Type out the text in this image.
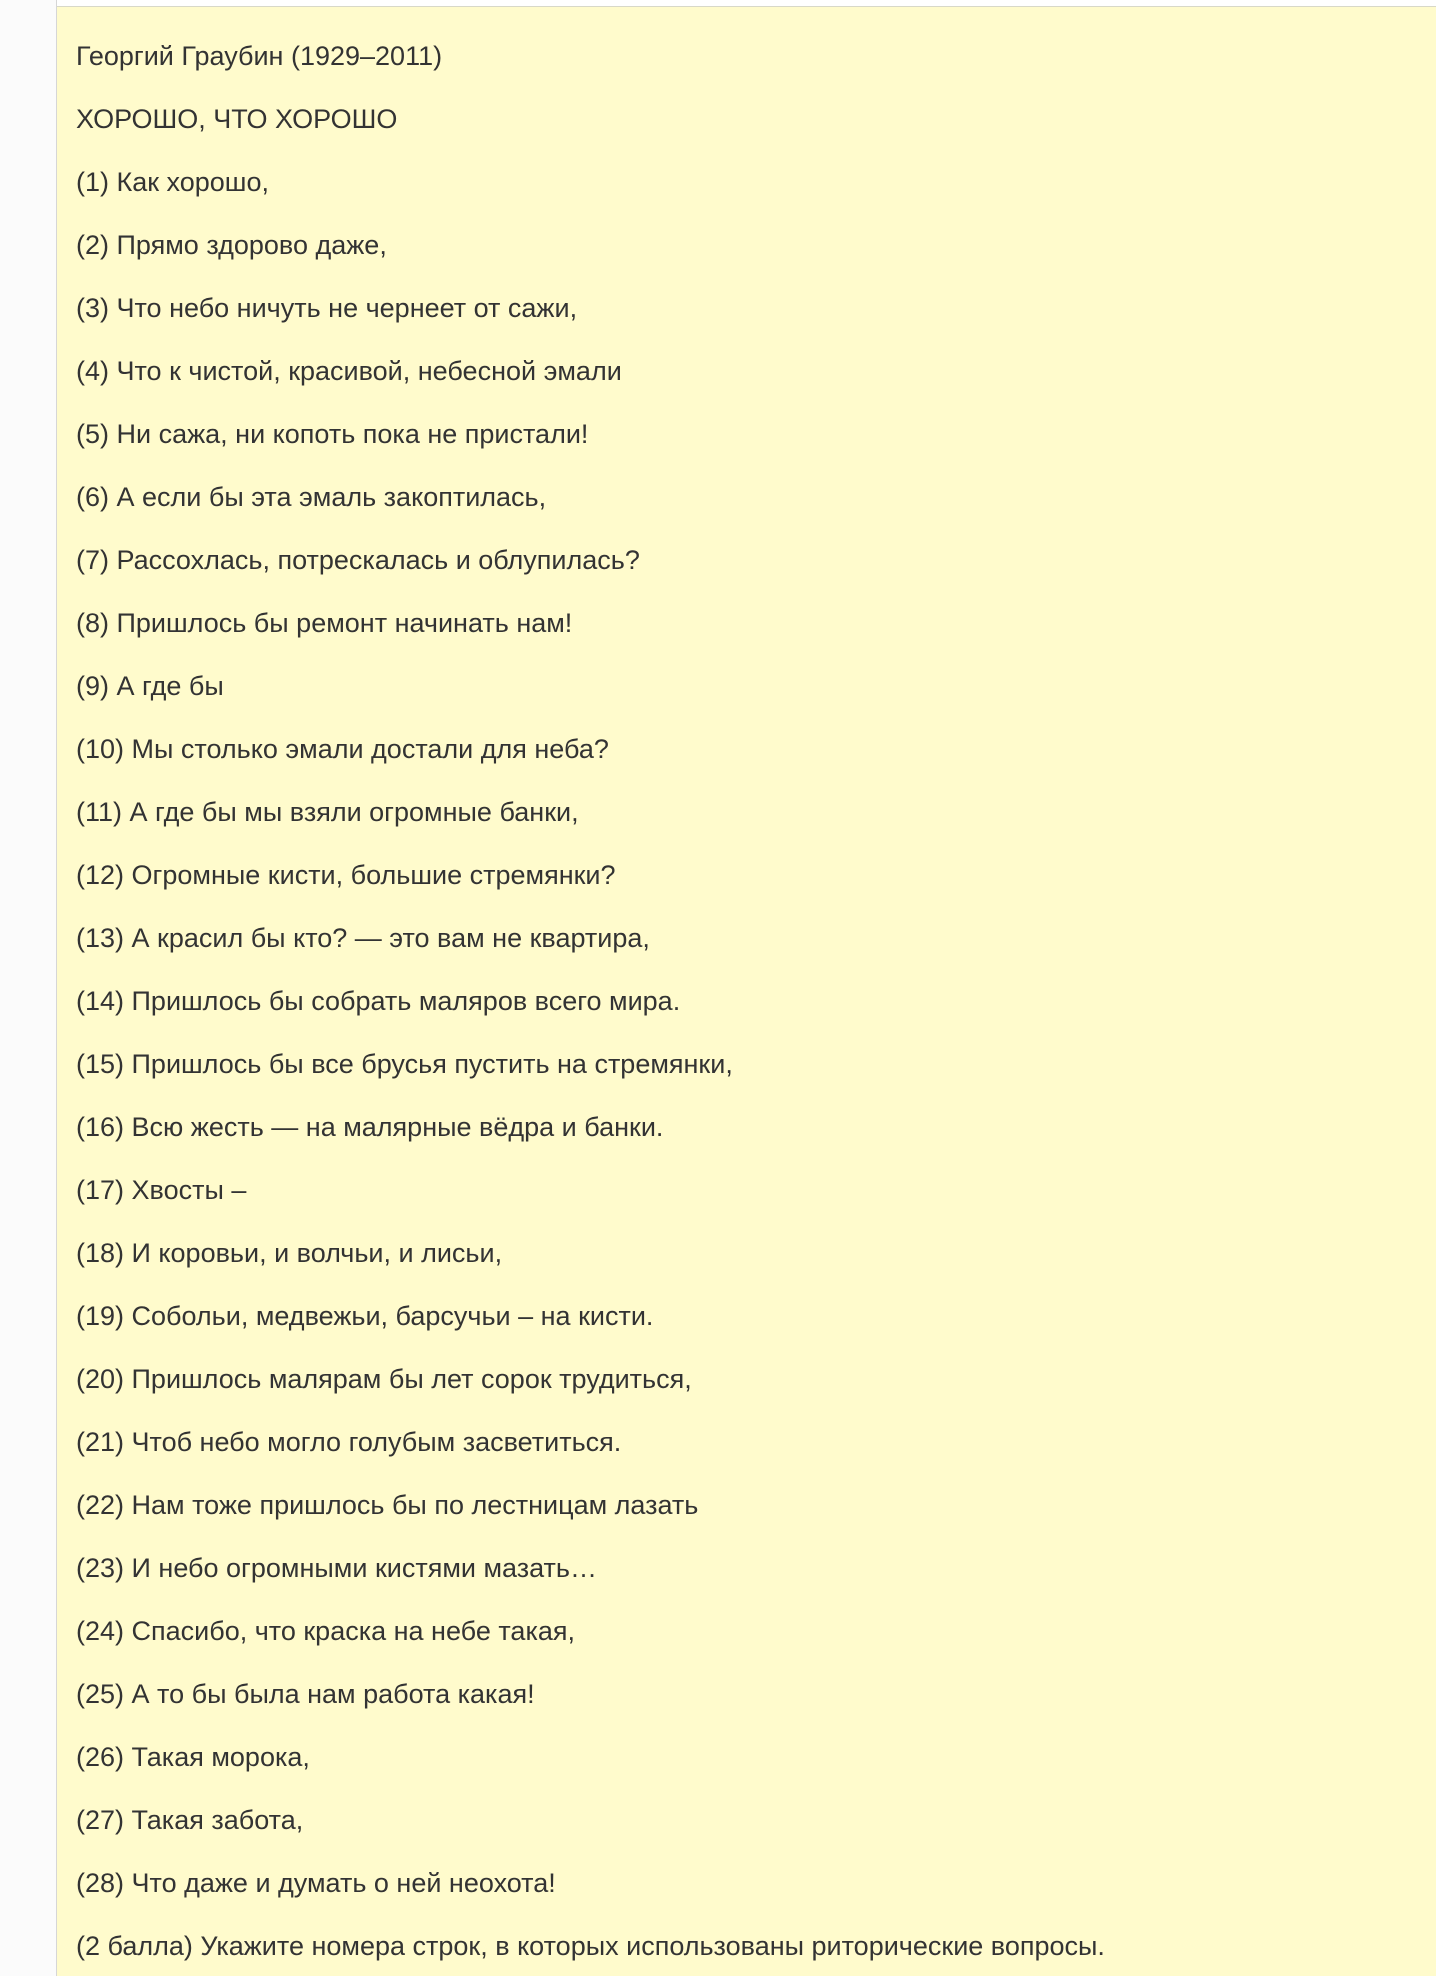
Георгий Граубин (1929–2011)
ХОРОШО, ЧТО ХОРОШО
(1) Как хорошо,
(2) Прямо здорово даже,
(3) Что небо ничуть не чернеет от сажи,
(4) Что к чистой, красивой, небесной эмали
(5) Ни сажа, ни копоть пока не пристали!
(6) А если бы эта эмаль закоптилась,
(7) Рассохлась, потрескалась и облупилась?
(8) Пришлось бы ремонт начинать нам!
(9) А где бы
(10) Мы столько эмали достали для неба?
(11) А где бы мы взяли огромные банки,
(12) Огромные кисти, большие стремянки?
(13) А красил бы кто? — это вам не квартира,
(14) Пришлось бы собрать маляров всего мира.
(15) Пришлось бы все брусья пустить на стремянки,
(16) Всю жесть — на малярные вёдра и банки.
(17) Хвосты –
(18) И коровьи, и волчьи, и лисьи,
(19) Собольи, медвежьи, барсучьи – на кисти.
(20) Пришлось малярам бы лет сорок трудиться,
(21) Чтоб небо могло голубым засветиться.
(22) Нам тоже пришлось бы по лестницам лазать
(23) И небо огромными кистями мазать…
(24) Спасибо, что краска на небе такая,
(25) А то бы была нам работа какая!
(26) Такая морока,
(27) Такая забота,
(28) Что даже и думать о ней неохота!
(2 балла) Укажите номера строк, в которых использованы риторические вопросы.
